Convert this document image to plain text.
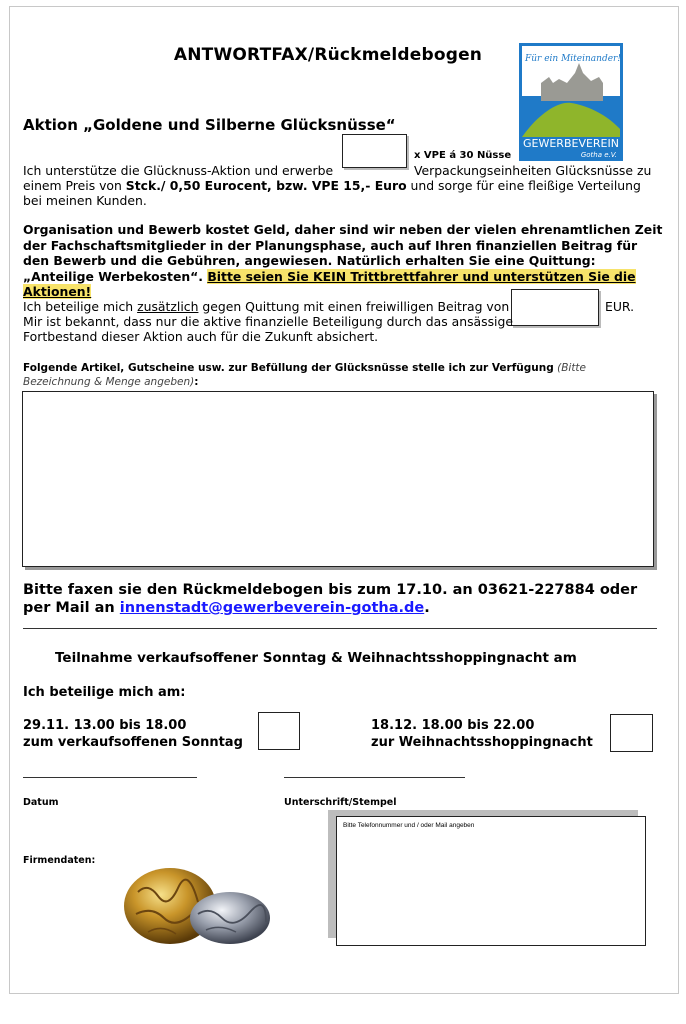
ANTWORTFAX/Rückmeldebogen	Für ein Miteinander!
GEWERBEVEREIN
Gotha e.V.
Aktion „Goldene und Silberne Glücksnüsse“
x VPE á 30 Nüsse
Ich unterstütze die Glücknuss-Aktion und erwerbe	Verpackungseinheiten Glücksnüsse zu
einem Preis von Stck./ 0,50 Eurocent, bzw. VPE 15,- Euro und sorge für eine fleißige Verteilung
bei meinen Kunden.
Organisation und Bewerb kostet Geld, daher sind wir neben der vielen ehrenamtlichen Zeit der Fachschaftsmitglieder in der Planungsphase, auch auf Ihren finanziellen Beitrag für den Bewerb und die Gebühren, angewiesen. Natürlich erhalten Sie eine Quittung: „Anteilige Werbekosten“. Bitte seien Sie KEIN Trittbrettfahrer und unterstützen Sie die Aktionen!
Ich beteilige mich zusätzlich gegen Quittung mit einen freiwilligen Beitrag von	EUR.
Mir ist bekannt, dass nur die aktive finanzielle Beteiligung durch das ansässige
Fortbestand dieser Aktion auch für die Zukunft absichert.
Folgende Artikel, Gutscheine usw. zur Befüllung der Glücksnüsse stelle ich zur Verfügung (Bitte Bezeichnung & Menge angeben):
Bitte faxen sie den Rückmeldebogen bis zum 17.10. an 03621-227884 oder per Mail an innenstadt@gewerbeverein-gotha.de.
Teilnahme verkaufsoffener Sonntag & Weihnachtsshoppingnacht am
Ich beteilige mich am:
29.11. 13.00 bis 18.00
zum verkaufsoffenen Sonntag
18.12. 18.00 bis 22.00
zur Weihnachtsshoppingnacht
Datum	Unterschrift/Stempel
Firmendaten:
Bitte Telefonnummer und / oder Mail angeben
